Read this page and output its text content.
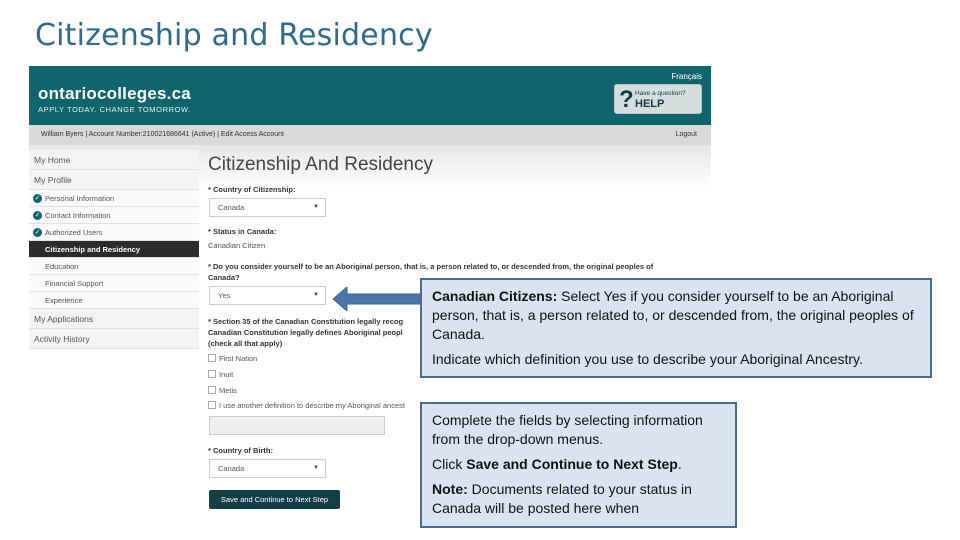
Citizenship and Residency
ontariocolleges.ca
APPLY TODAY. CHANGE TOMORROW.
Français
? Have a question?
HELP
William Byers | Account Number:210021686641 (Active) | Edit Access Account	Logout
My Home
My Profile
✓ Personal Information
✓ Contact Information
✓ Authorized Users
Citizenship and Residency
Education
Financial Support
Experience
My Applications
Activity History
Citizenship And Residency
* Country of Citizenship:
Canada	▼
* Status in Canada:
Canadian Citizen
* Do you consider yourself to be an Aboriginal person, that is, a person related to, or descended from, the original peoples of
Canada?
Yes	▼
* Section 35 of the Canadian Constitution legally recog
Canadian Constitution legally defines Aboriginal peopl
(check all that apply)
First Nation
Inuit
Metis
I use another definition to describe my Aboriginal ancest
* Country of Birth:
Canada	▼
Save and Continue to Next Step

Canadian Citizens: Select Yes if you consider yourself to be an Aboriginal person, that is, a person related to, or descended from, the original peoples of Canada.

Indicate which definition you use to describe your Aboriginal Ancestry.

Complete the fields by selecting information from the drop-down menus.

Click Save and Continue to Next Step.

Note: Documents related to your status in Canada will be posted here when
